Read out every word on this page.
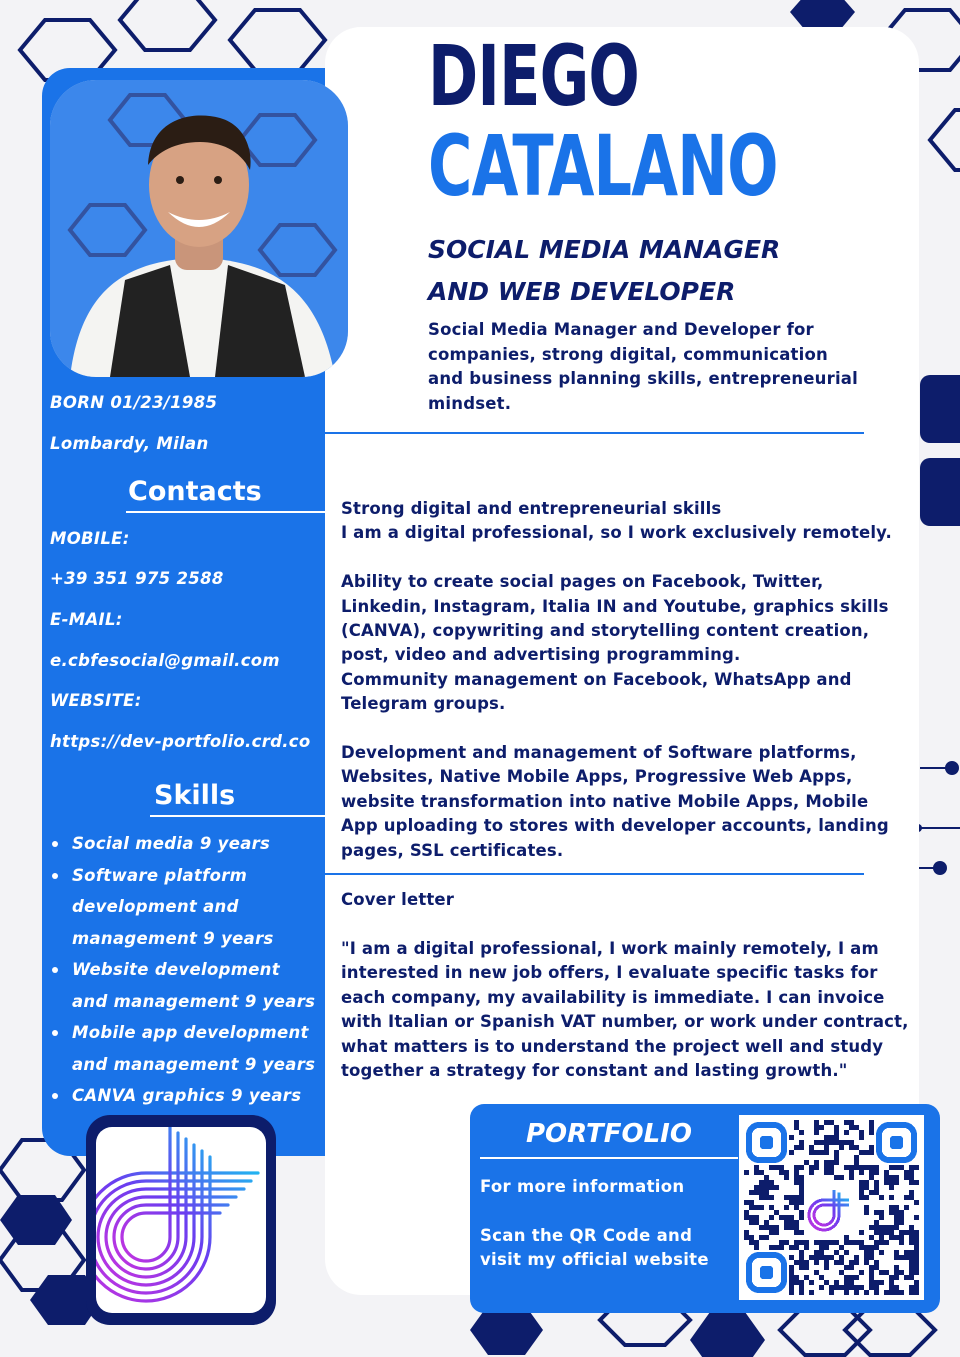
BORN 01/23/1985
Lombardy, Milan
Contacts
MOBILE:
+39 351 975 2588
E-MAIL:
e.cbfesocial@gmail.com
WEBSITE:
https://dev-portfolio.crd.co
Skills
Social media 9 years
Software platform development and management 9 years
Website development and management 9 years
Mobile app development and management 9 years
CANVA graphics 9 years
DIEGO
CATALANO
SOCIAL MEDIA MANAGER
AND WEB DEVELOPER
Social Media Manager and Developer for companies, strong digital, communication and business planning skills, entrepreneurial mindset.
Strong digital and entrepreneurial skills
I am a digital professional, so I work exclusively remotely.

Ability to create social pages on Facebook, Twitter, Linkedin, Instagram, Italia IN and Youtube, graphics skills (CANVA), copywriting and storytelling content creation, post, video and advertising programming.
Community management on Facebook, WhatsApp and Telegram groups.

Development and management of Software platforms, Websites, Native Mobile Apps, Progressive Web Apps, website transformation into native Mobile Apps, Mobile App uploading to stores with developer accounts, landing pages, SSL certificates.
Cover letter
"I am a digital professional, I work mainly remotely, I am interested in new job offers, I evaluate specific tasks for each company, my availability is immediate. I can invoice with Italian or Spanish VAT number, or work under contract, what matters is to understand the project well and study together a strategy for constant and lasting growth."
PORTFOLIO
For more information
Scan the QR Code and visit my official website
